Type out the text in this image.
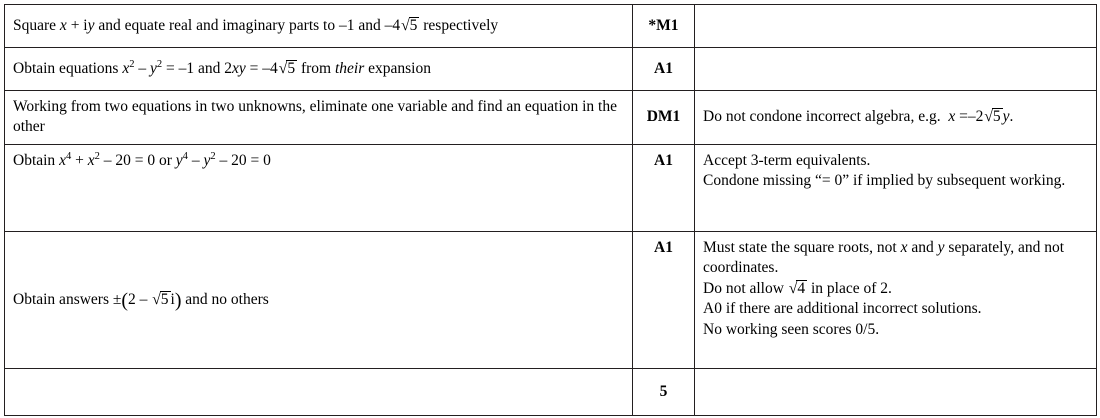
Square x + iy and equate real and imaginary parts to –1 and –4√5 respectively	*M1	
Obtain equations $x^2 - y^2 = -1$ and 2xy = –4√5 from their expansion	A1	
Working from two equations in two unknowns, eliminate one variable and find an equation in the other	DM1	Do not condone incorrect algebra, e.g.  x =–2√5 y.

Obtain $x^4 + x^2 - 20 = 0$ or $y^4 - y^2 - 20 = 0$	A1	Accept 3-term equivalents.
Condone missing “= 0” if implied by subsequent working.

Obtain answers ±(2 – √5 i) and no others	A1	Must state the square roots, not x and y separately, and not coordinates.
Do not allow √4 in place of 2.
A0 if there are additional incorrect solutions.
No working seen scores 0/5.

	5	
